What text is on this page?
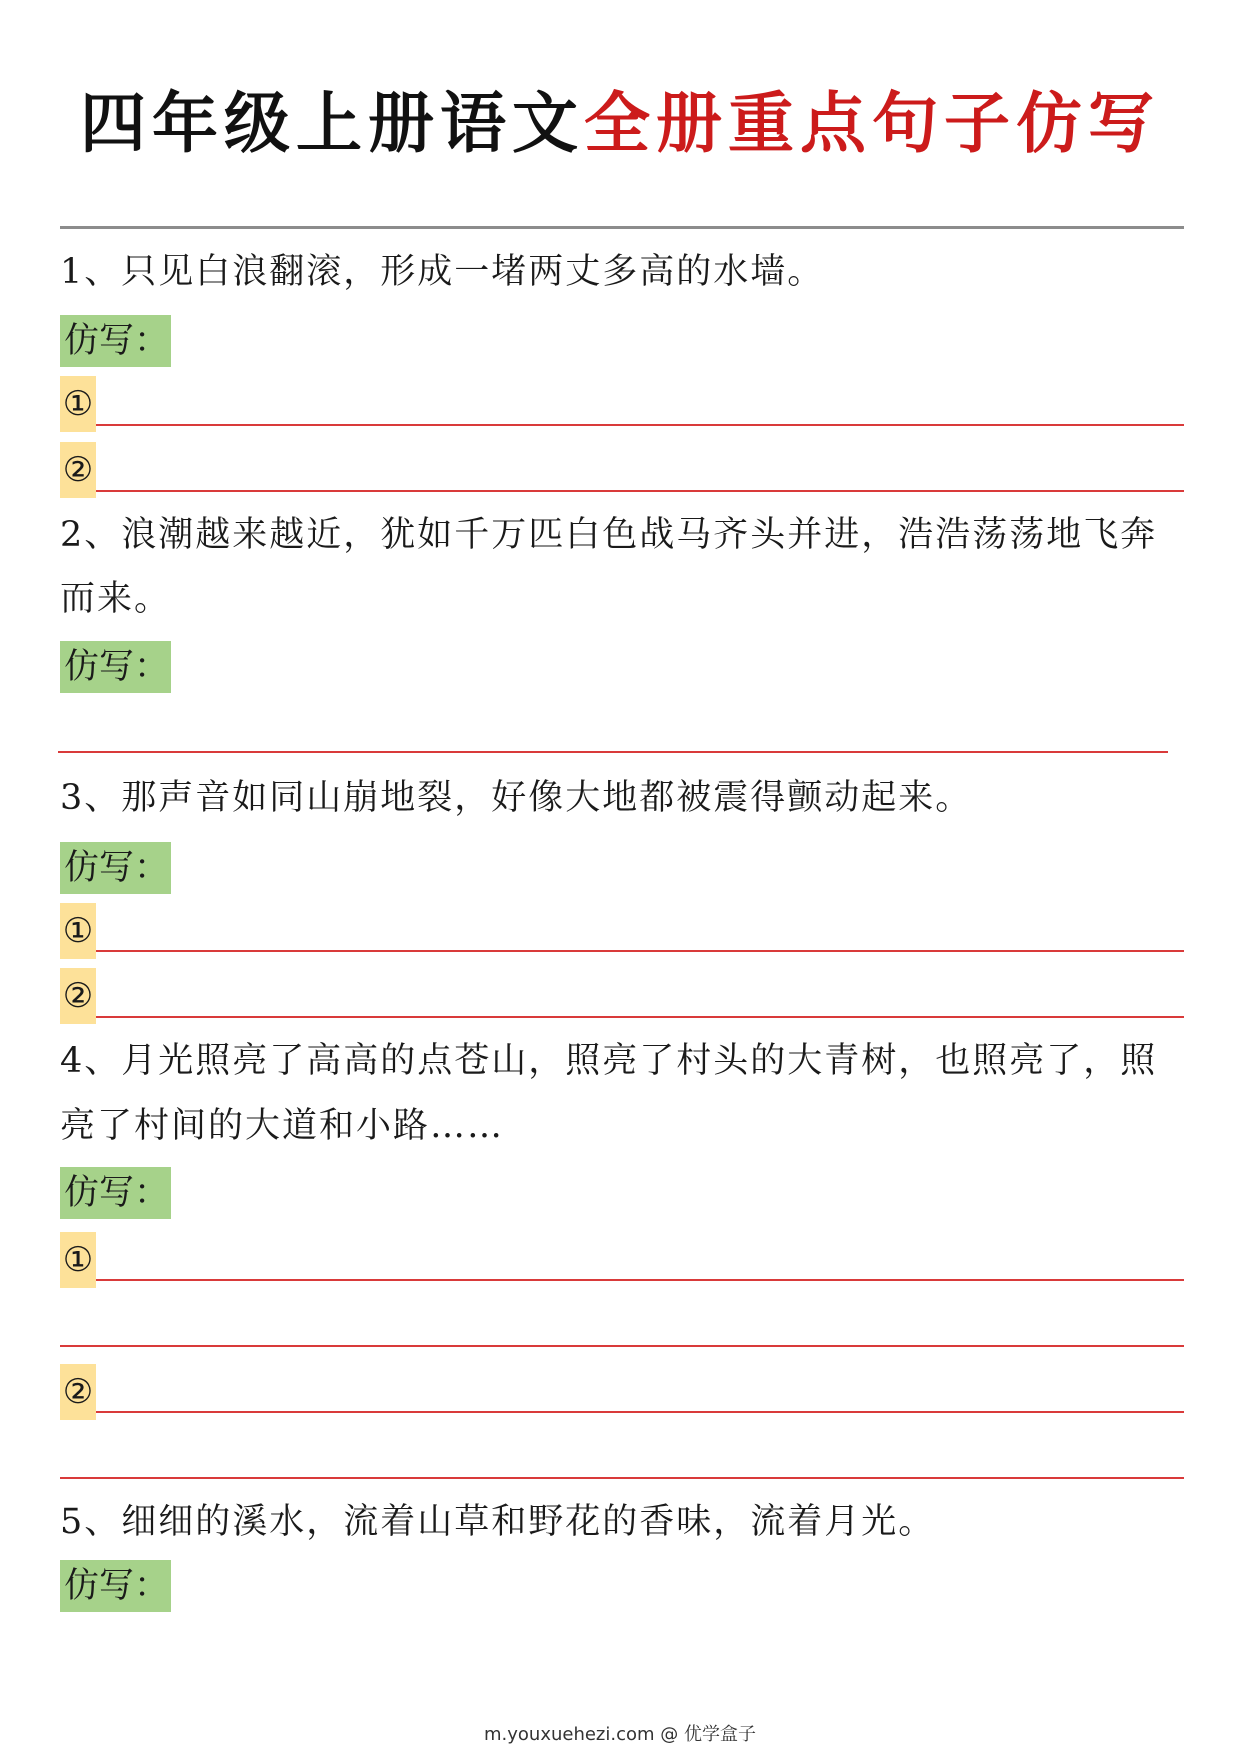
四年级上册语文全册重点句子仿写
1、只见白浪翻滚，形成一堵两丈多高的水墙。
仿写：
①
②
2、浪潮越来越近，犹如千万匹白色战马齐头并进，浩浩荡荡地飞奔
而来。
仿写：
3、那声音如同山崩地裂，好像大地都被震得颤动起来。
仿写：
①
②
4、月光照亮了高高的点苍山，照亮了村头的大青树，也照亮了，照
亮了村间的大道和小路……
仿写：
①
②
5、细细的溪水，流着山草和野花的香味，流着月光。
仿写：
m.youxuehezi.com @ 优学盒子
